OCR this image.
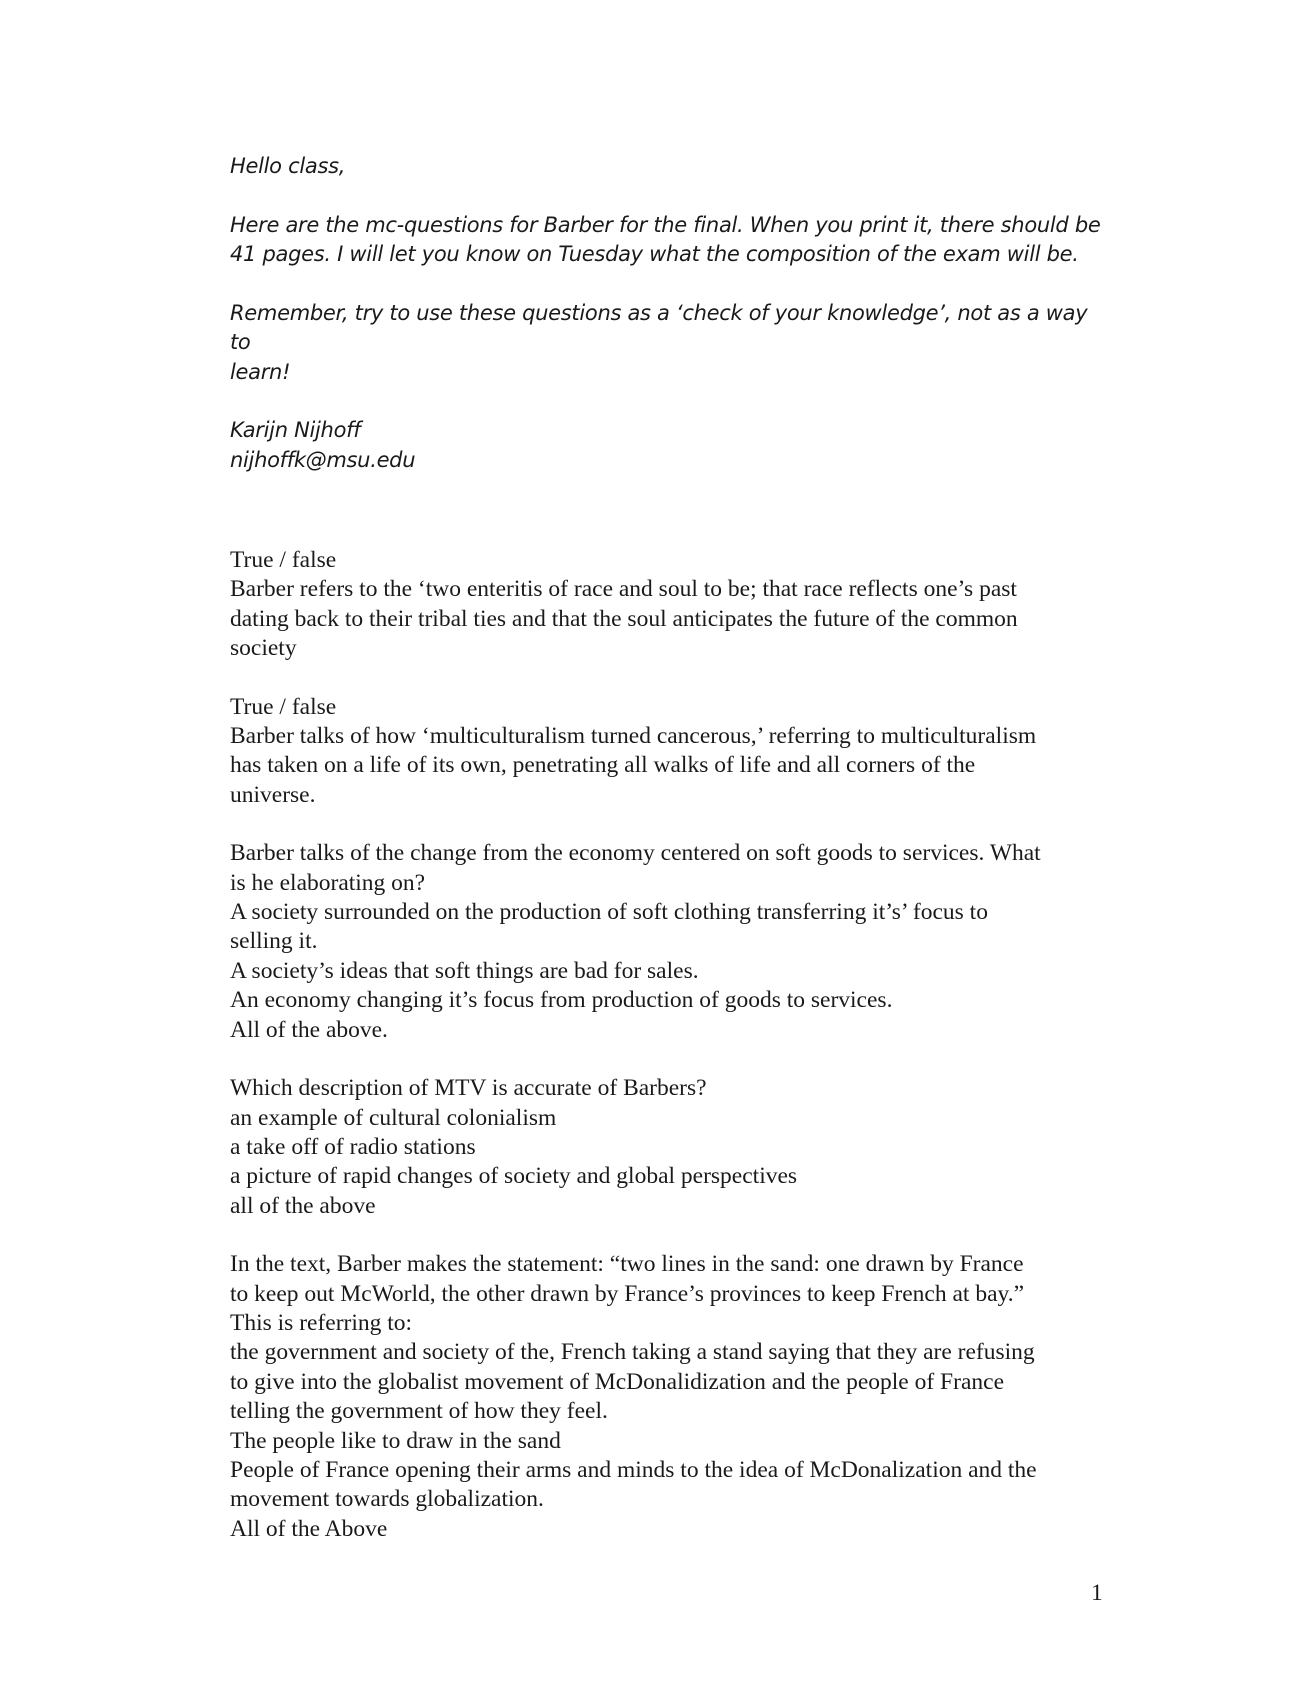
Hello class,

Here are the mc-questions for Barber for the final. When you print it, there should be
41 pages. I will let you know on Tuesday what the composition of the exam will be.

Remember, try to use these questions as a ‘check of your knowledge’, not as a way to
learn!

Karijn Nijhoff
nijhoffk@msu.edu

True / false
Barber refers to the ‘two enteritis of race and soul to be; that race reflects one’s past
dating back to their tribal ties and that the soul anticipates the future of the common
society
True / false
Barber talks of how ‘multiculturalism turned cancerous,’ referring to multiculturalism
has taken on a life of its own, penetrating all walks of life and all corners of the
universe.
Barber talks of the change from the economy centered on soft goods to services. What
is he elaborating on?
A society surrounded on the production of soft clothing transferring it’s’ focus to
selling it.
A society’s ideas that soft things are bad for sales.
An economy changing it’s focus from production of goods to services.
All of the above.
Which description of MTV is accurate of Barbers?
an example of cultural colonialism
a take off of radio stations
a picture of rapid changes of society and global perspectives
all of the above
In the text, Barber makes the statement: “two lines in the sand: one drawn by France
to keep out McWorld, the other drawn by France’s provinces to keep French at bay.”
This is referring to:
the government and society of the, French taking a stand saying that they are refusing
to give into the globalist movement of McDonalidization and the people of France
telling the government of how they feel.
The people like to draw in the sand
People of France opening their arms and minds to the idea of McDonalization and the
movement towards globalization.
All of the Above
1
